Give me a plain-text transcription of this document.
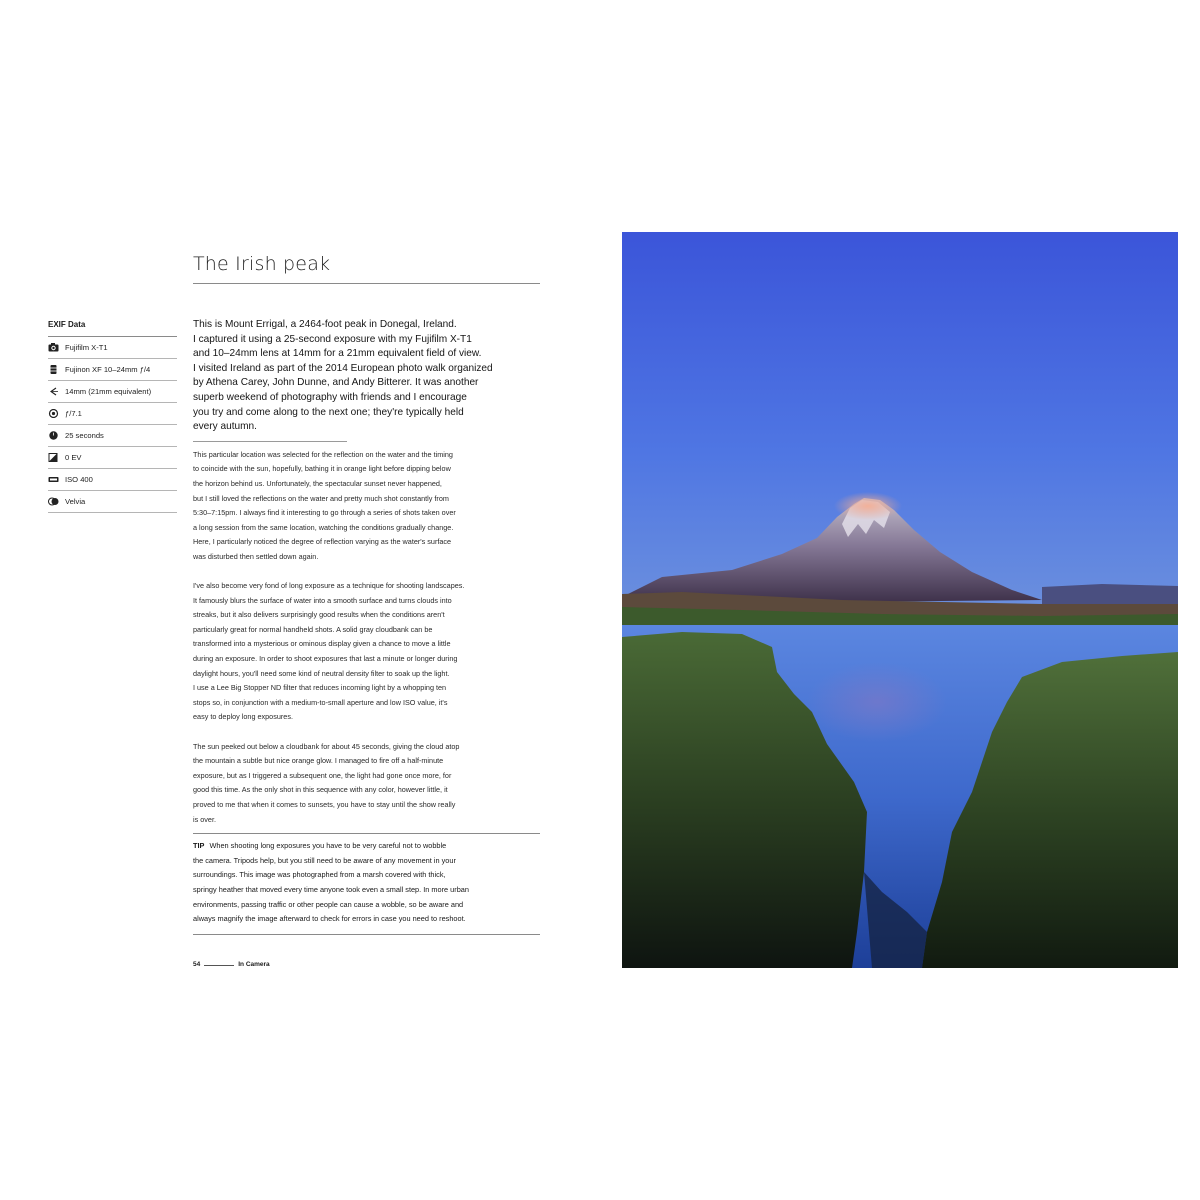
The Irish peak
EXIF Data
Fujifilm X-T1
Fujinon XF 10–24mm ƒ/4
14mm (21mm equivalent)
ƒ/7.1
25 seconds
0 EV
ISO 400
Velvia

This is Mount Errigal, a 2464-foot peak in Donegal, Ireland.
I captured it using a 25-second exposure with my Fujifilm X-T1
and 10–24mm lens at 14mm for a 21mm equivalent field of view.
I visited Ireland as part of the 2014 European photo walk organized
by Athena Carey, John Dunne, and Andy Bitterer. It was another
superb weekend of photography with friends and I encourage
you try and come along to the next one; they're typically held
every autumn.

This particular location was selected for the reflection on the water and the timing
to coincide with the sun, hopefully, bathing it in orange light before dipping below
the horizon behind us. Unfortunately, the spectacular sunset never happened,
but I still loved the reflections on the water and pretty much shot constantly from
5:30–7:15pm. I always find it interesting to go through a series of shots taken over
a long session from the same location, watching the conditions gradually change.
Here, I particularly noticed the degree of reflection varying as the water's surface
was disturbed then settled down again.

I've also become very fond of long exposure as a technique for shooting landscapes.
It famously blurs the surface of water into a smooth surface and turns clouds into
streaks, but it also delivers surprisingly good results when the conditions aren't
particularly great for normal handheld shots. A solid gray cloudbank can be
transformed into a mysterious or ominous display given a chance to move a little
during an exposure. In order to shoot exposures that last a minute or longer during
daylight hours, you'll need some kind of neutral density filter to soak up the light.
I use a Lee Big Stopper ND filter that reduces incoming light by a whopping ten
stops so, in conjunction with a medium-to-small aperture and low ISO value, it's
easy to deploy long exposures.

The sun peeked out below a cloudbank for about 45 seconds, giving the cloud atop
the mountain a subtle but nice orange glow. I managed to fire off a half-minute
exposure, but as I triggered a subsequent one, the light had gone once more, for
good this time. As the only shot in this sequence with any color, however little, it
proved to me that when it comes to sunsets, you have to stay until the show really
is over.

TIP When shooting long exposures you have to be very careful not to wobble
the camera. Tripods help, but you still need to be aware of any movement in your
surroundings. This image was photographed from a marsh covered with thick,
springy heather that moved every time anyone took even a small step. In more urban
environments, passing traffic or other people can cause a wobble, so be aware and
always magnify the image afterward to check for errors in case you need to reshoot.

54	In Camera
